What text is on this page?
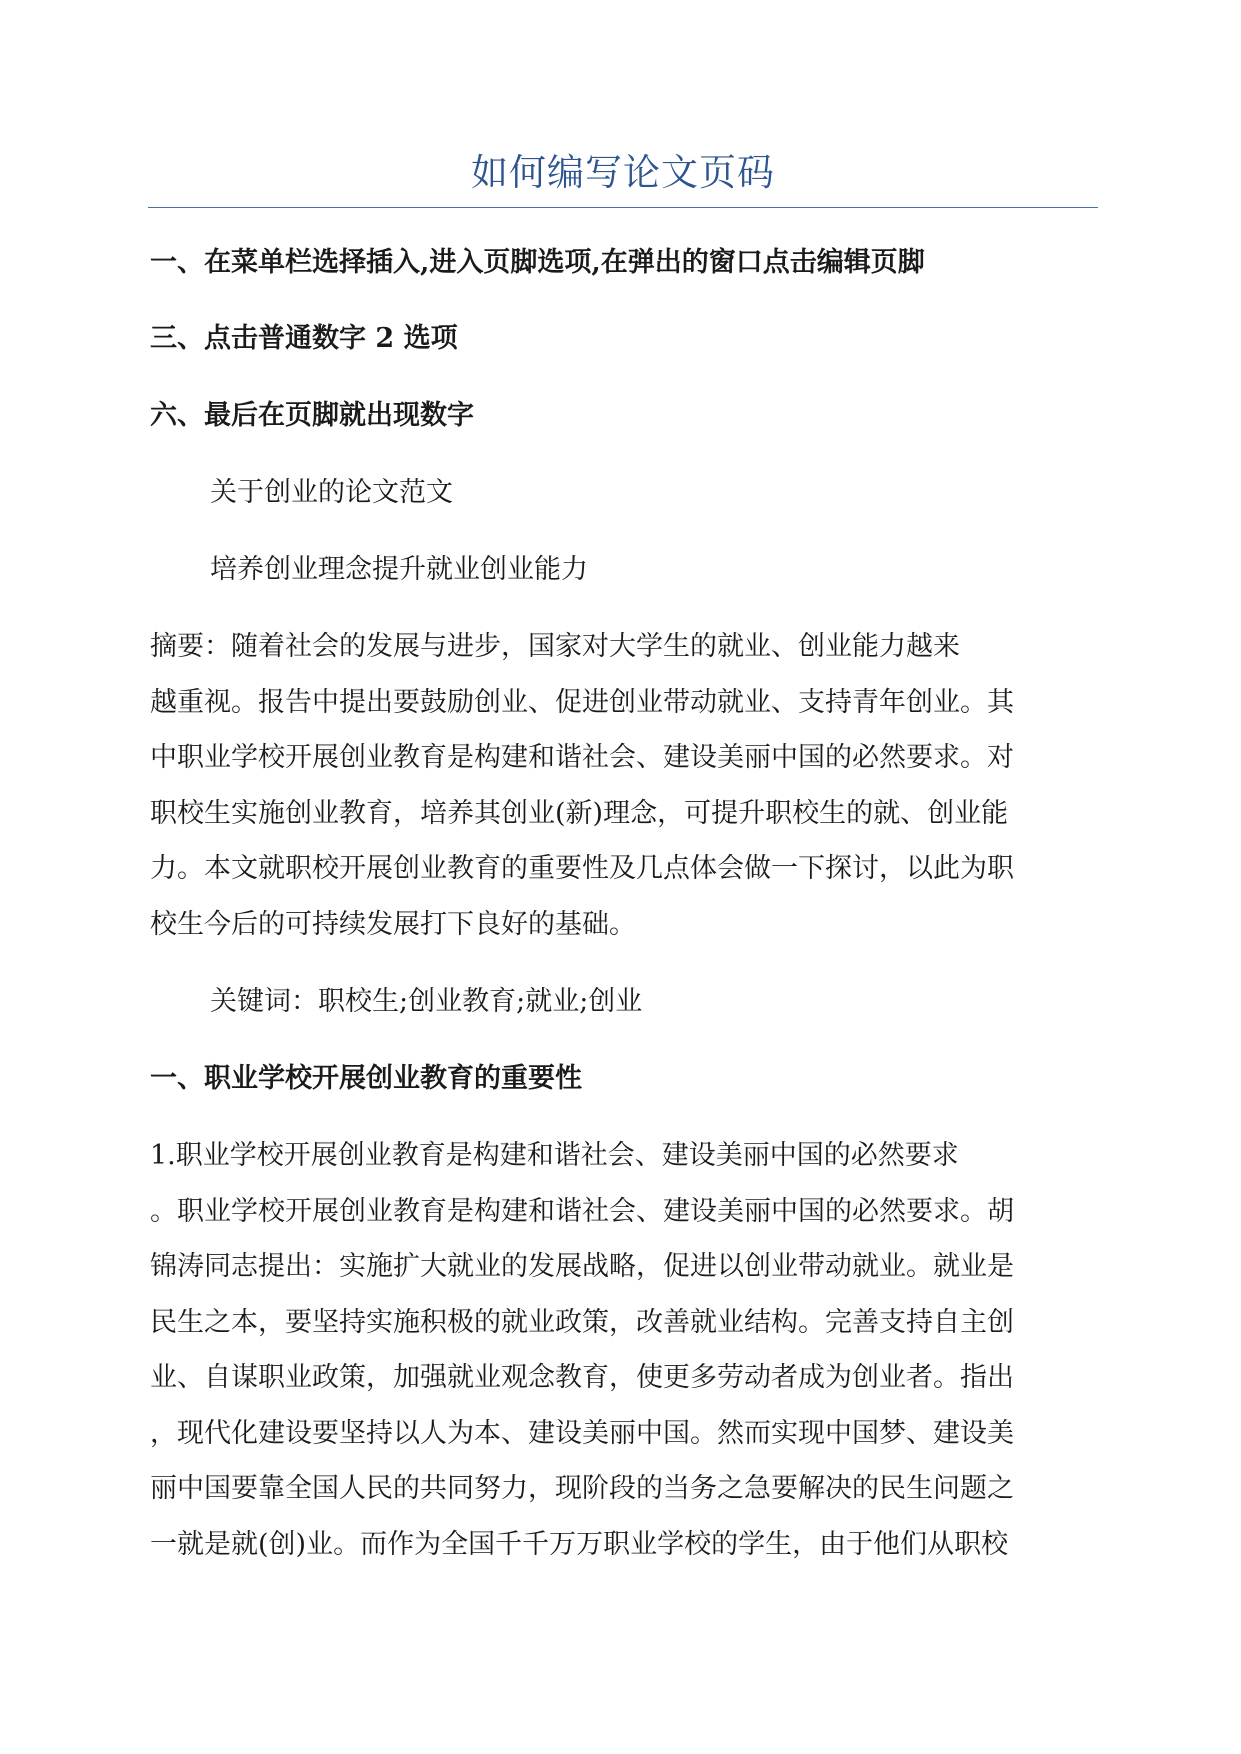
如何编写论文页码
一、在菜单栏选择插入,进入页脚选项,在弹出的窗口点击编辑页脚
三、点击普通数字 2 选项
六、最后在页脚就出现数字
关于创业的论文范文
培养创业理念提升就业创业能力
摘要：随着社会的发展与进步，国家对大学生的就业、创业能力越来
越重视。报告中提出要鼓励创业、促进创业带动就业、支持青年创业。其
中职业学校开展创业教育是构建和谐社会、建设美丽中国的必然要求。对
职校生实施创业教育，培养其创业(新)理念，可提升职校生的就、创业能
力。本文就职校开展创业教育的重要性及几点体会做一下探讨，以此为职
校生今后的可持续发展打下良好的基础。
关键词：职校生;创业教育;就业;创业
一、职业学校开展创业教育的重要性
1.职业学校开展创业教育是构建和谐社会、建设美丽中国的必然要求
。职业学校开展创业教育是构建和谐社会、建设美丽中国的必然要求。胡
锦涛同志提出：实施扩大就业的发展战略，促进以创业带动就业。就业是
民生之本，要坚持实施积极的就业政策，改善就业结构。完善支持自主创
业、自谋职业政策，加强就业观念教育，使更多劳动者成为创业者。指出
，现代化建设要坚持以人为本、建设美丽中国。然而实现中国梦、建设美
丽中国要靠全国人民的共同努力，现阶段的当务之急要解决的民生问题之
一就是就(创)业。而作为全国千千万万职业学校的学生，由于他们从职校
